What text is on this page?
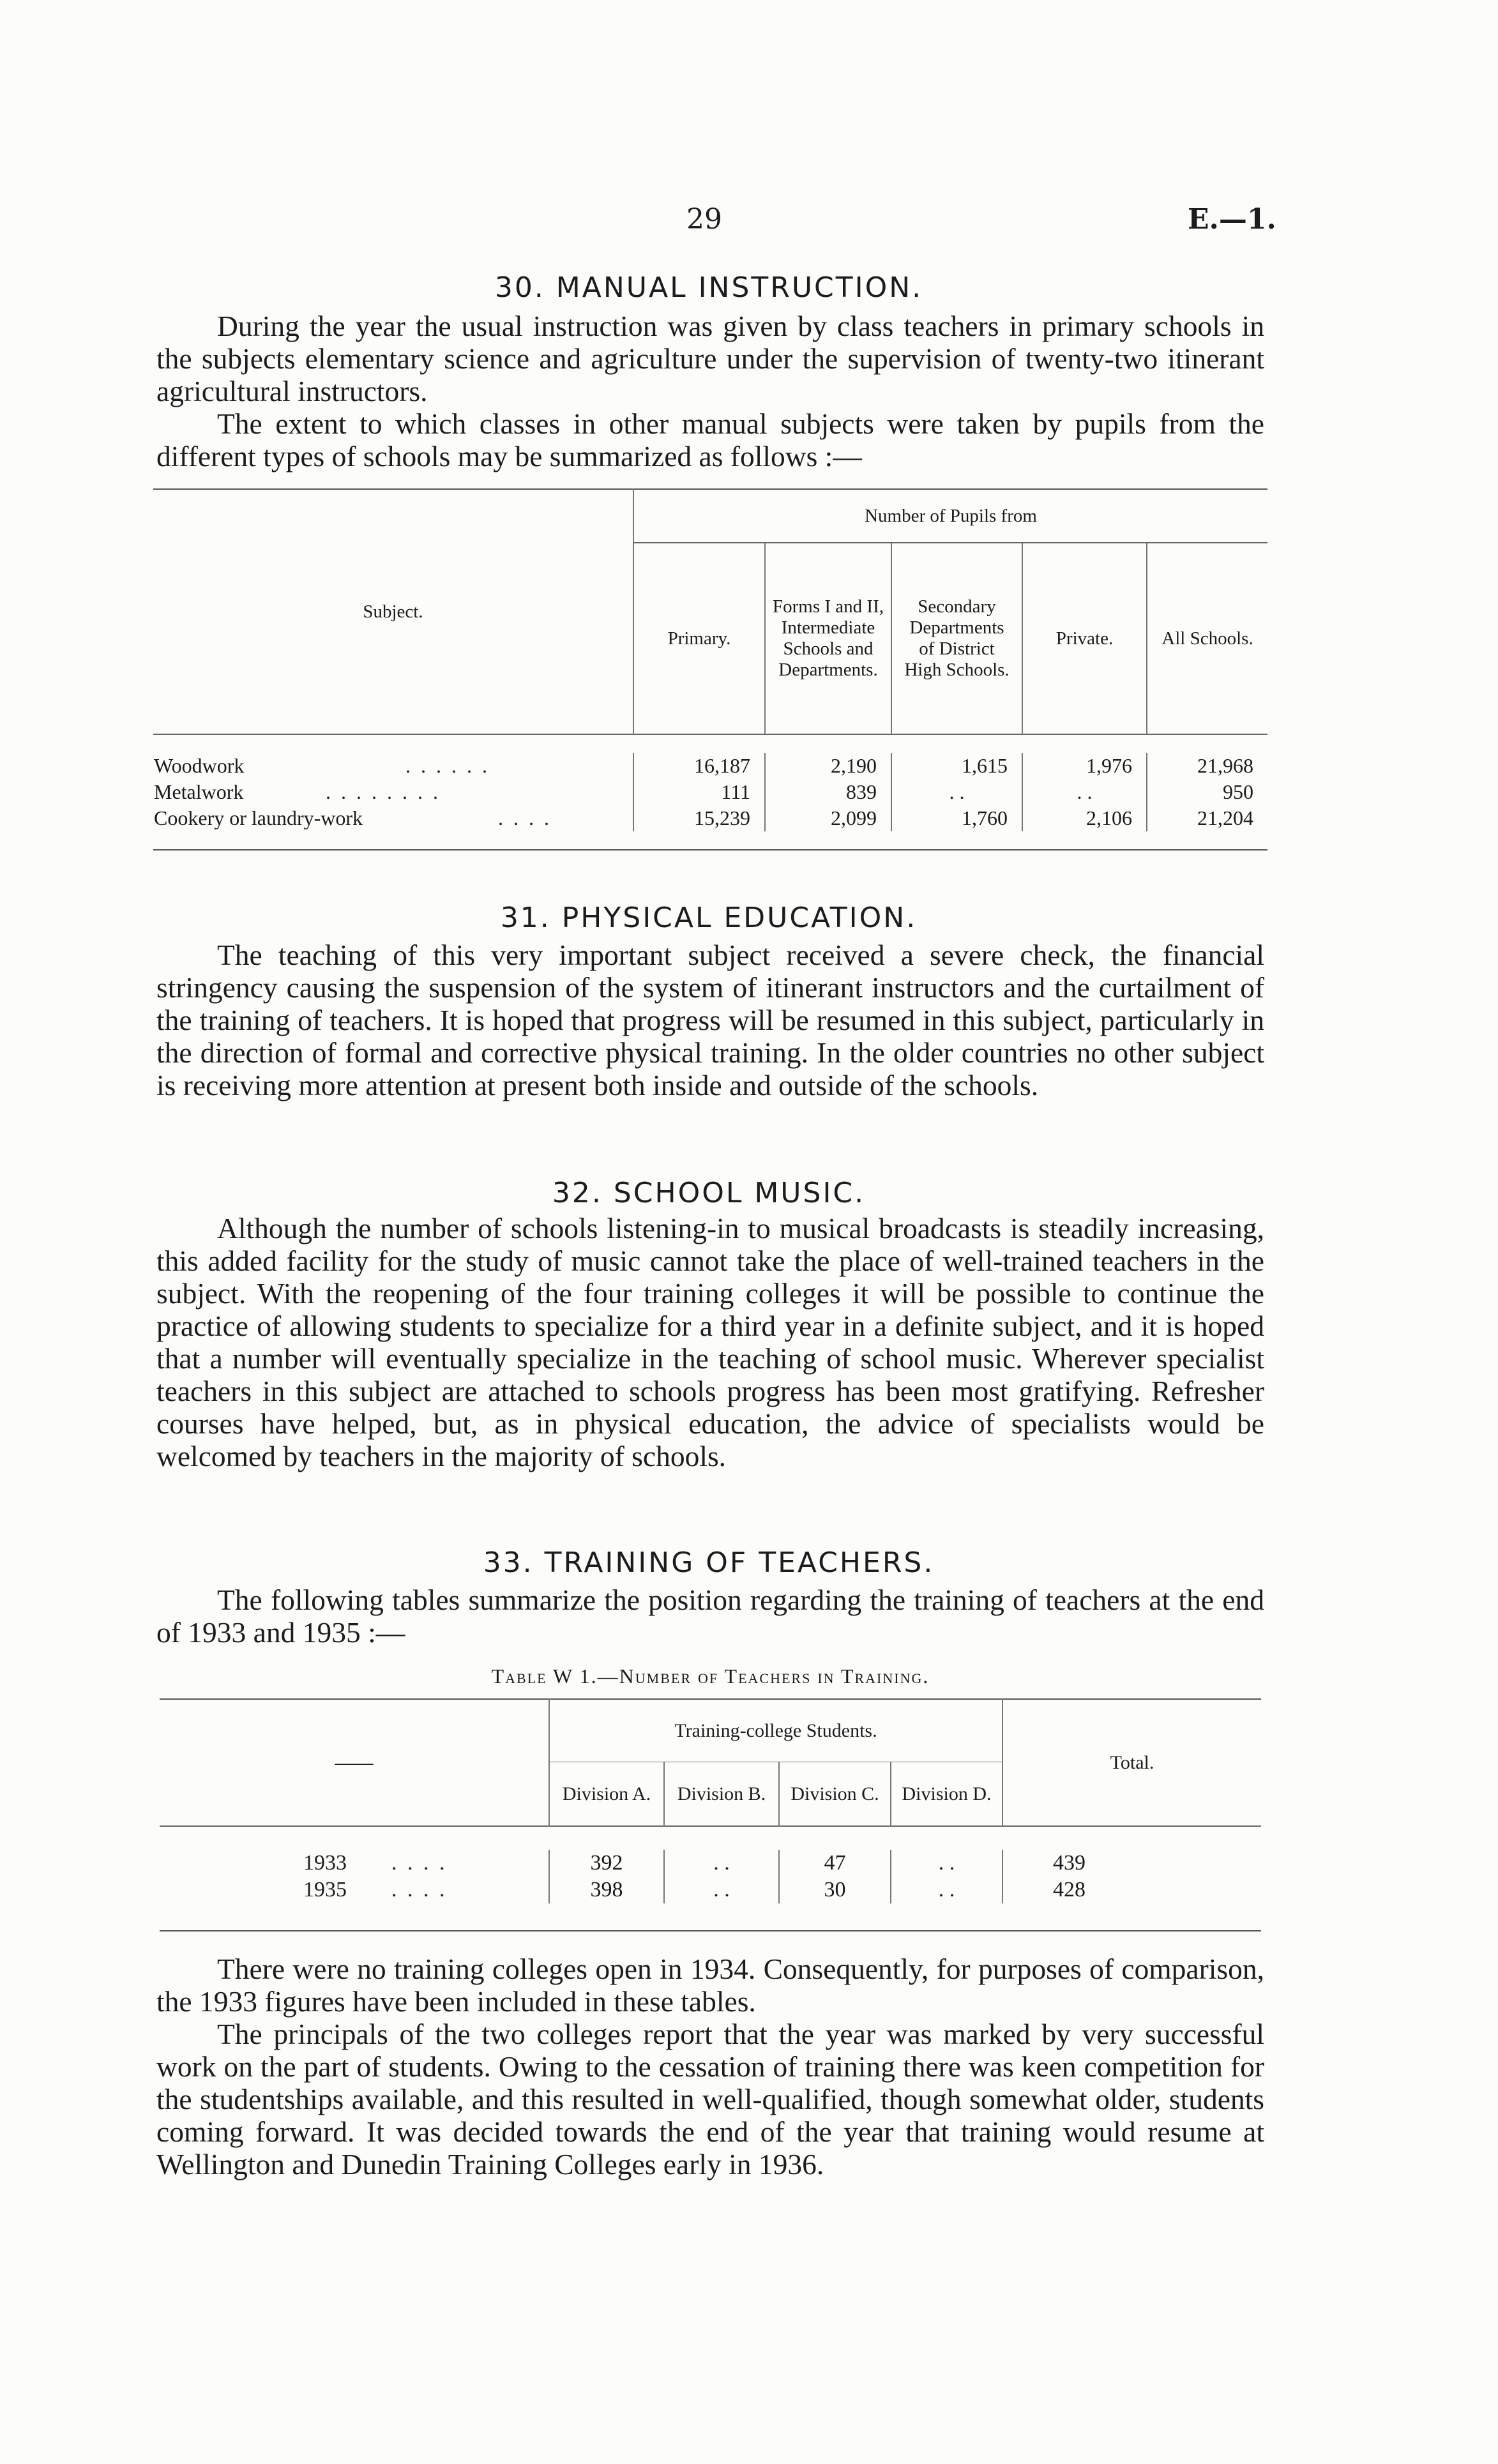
29	E.—1.
30. MANUAL INSTRUCTION.
During the year the usual instruction was given by class teachers in primary schools in the subjects elementary science and agriculture under the supervision of twenty-two itinerant agricultural instructors.
The extent to which classes in other manual subjects were taken by pupils from the different types of schools may be summarized as follows :—
Subject.	Number of Pupils from				
	Primary.	Forms I and II, Intermediate Schools and Departments.	Secondary Departments of District High Schools.	Private.	All Schools.

Woodwork . . . . . .	16,187	2,190	1,615	1,976	21,968
Metalwork . . . . . . . .	111	839	. .	. .	950
Cookery or laundry-work . . . .	15,239	2,099	1,760	2,106	21,204

31. PHYSICAL EDUCATION.
The teaching of this very important subject received a severe check, the financial stringency causing the suspension of the system of itinerant instructors and the curtailment of the training of teachers. It is hoped that progress will be resumed in this subject, particularly in the direction of formal and corrective physical training. In the older countries no other subject is receiving more attention at present both inside and outside of the schools.
32. SCHOOL MUSIC.
Although the number of schools listening-in to musical broadcasts is steadily increasing, this added facility for the study of music cannot take the place of well-trained teachers in the subject. With the reopening of the four training colleges it will be possible to continue the practice of allowing students to specialize for a third year in a definite subject, and it is hoped that a number will eventually specialize in the teaching of school music. Wherever specialist teachers in this subject are attached to schools progress has been most gratifying. Refresher courses have helped, but, as in physical education, the advice of specialists would be welcomed by teachers in the majority of schools.
33. TRAINING OF TEACHERS.
The following tables summarize the position regarding the training of teachers at the end of 1933 and 1935 :—
Table W 1.—Number of Teachers in Training.
——	Training-college Students.				Total.
	Division A.	Division B.	Division C.	Division D.	

1933 . . . .	392	. .	47	. .	439
1935 . . . .	398	. .	30	. .	428

There were no training colleges open in 1934. Consequently, for purposes of comparison, the 1933 figures have been included in these tables.
The principals of the two colleges report that the year was marked by very successful work on the part of students. Owing to the cessation of training there was keen competition for the studentships available, and this resulted in well-qualified, though somewhat older, students coming forward. It was decided towards the end of the year that training would resume at Wellington and Dunedin Training Colleges early in 1936.
